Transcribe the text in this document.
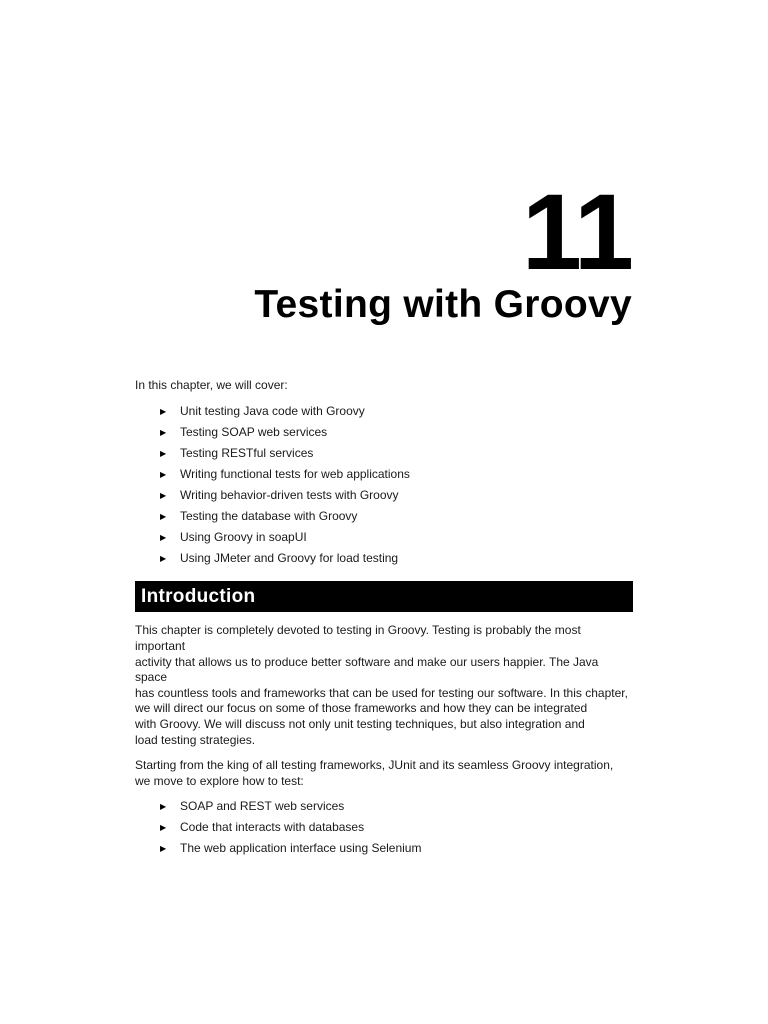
11
Testing with Groovy

In this chapter, we will cover:

▶ Unit testing Java code with Groovy
▶ Testing SOAP web services
▶ Testing RESTful services
▶ Writing functional tests for web applications
▶ Writing behavior-driven tests with Groovy
▶ Testing the database with Groovy
▶ Using Groovy in soapUI
▶ Using JMeter and Groovy for load testing
Introduction

This chapter is completely devoted to testing in Groovy. Testing is probably the most important
activity that allows us to produce better software and make our users happier. The Java space
has countless tools and frameworks that can be used for testing our software. In this chapter,
we will direct our focus on some of those frameworks and how they can be integrated
with Groovy. We will discuss not only unit testing techniques, but also integration and
load testing strategies.

Starting from the king of all testing frameworks, JUnit and its seamless Groovy integration,
we move to explore how to test:

▶ SOAP and REST web services
▶ Code that interacts with databases
▶ The web application interface using Selenium
